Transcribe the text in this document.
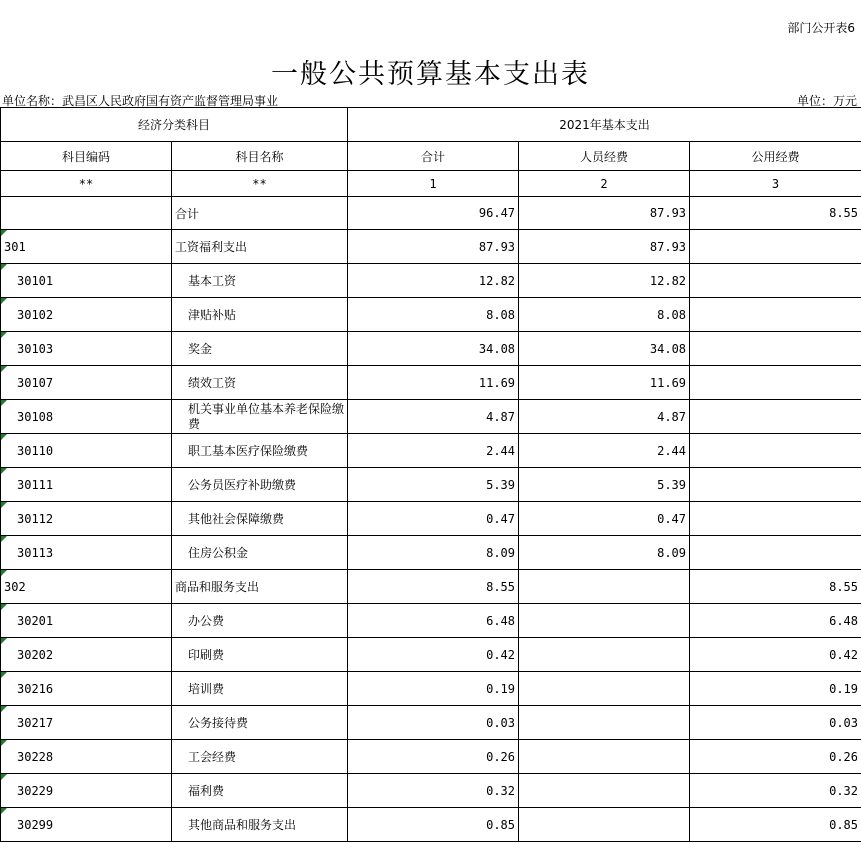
部门公开表6
一般公共预算基本支出表
单位名称：武昌区人民政府国有资产监督管理局事业	单位：万元
经济分类科目		2021年基本支出		
科目编码	科目名称	合计	人员经费	公用经费
**	**	1	2	3
	合计	96.47	87.93	8.55

301	工资福利支出	87.93	87.93	

30101	基本工资	12.82	12.82	

30102	津贴补贴	8.08	8.08	

30103	奖金	34.08	34.08	

30107	绩效工资	11.69	11.69	

30108	机关事业单位基本养老保险缴费	4.87	4.87	

30110	职工基本医疗保险缴费	2.44	2.44	

30111	公务员医疗补助缴费	5.39	5.39	

30112	其他社会保障缴费	0.47	0.47	

30113	住房公积金	8.09	8.09	

302	商品和服务支出	8.55		8.55

30201	办公费	6.48		6.48

30202	印刷费	0.42		0.42

30216	培训费	0.19		0.19

30217	公务接待费	0.03		0.03

30228	工会经费	0.26		0.26

30229	福利费	0.32		0.32

30299	其他商品和服务支出	0.85		0.85
